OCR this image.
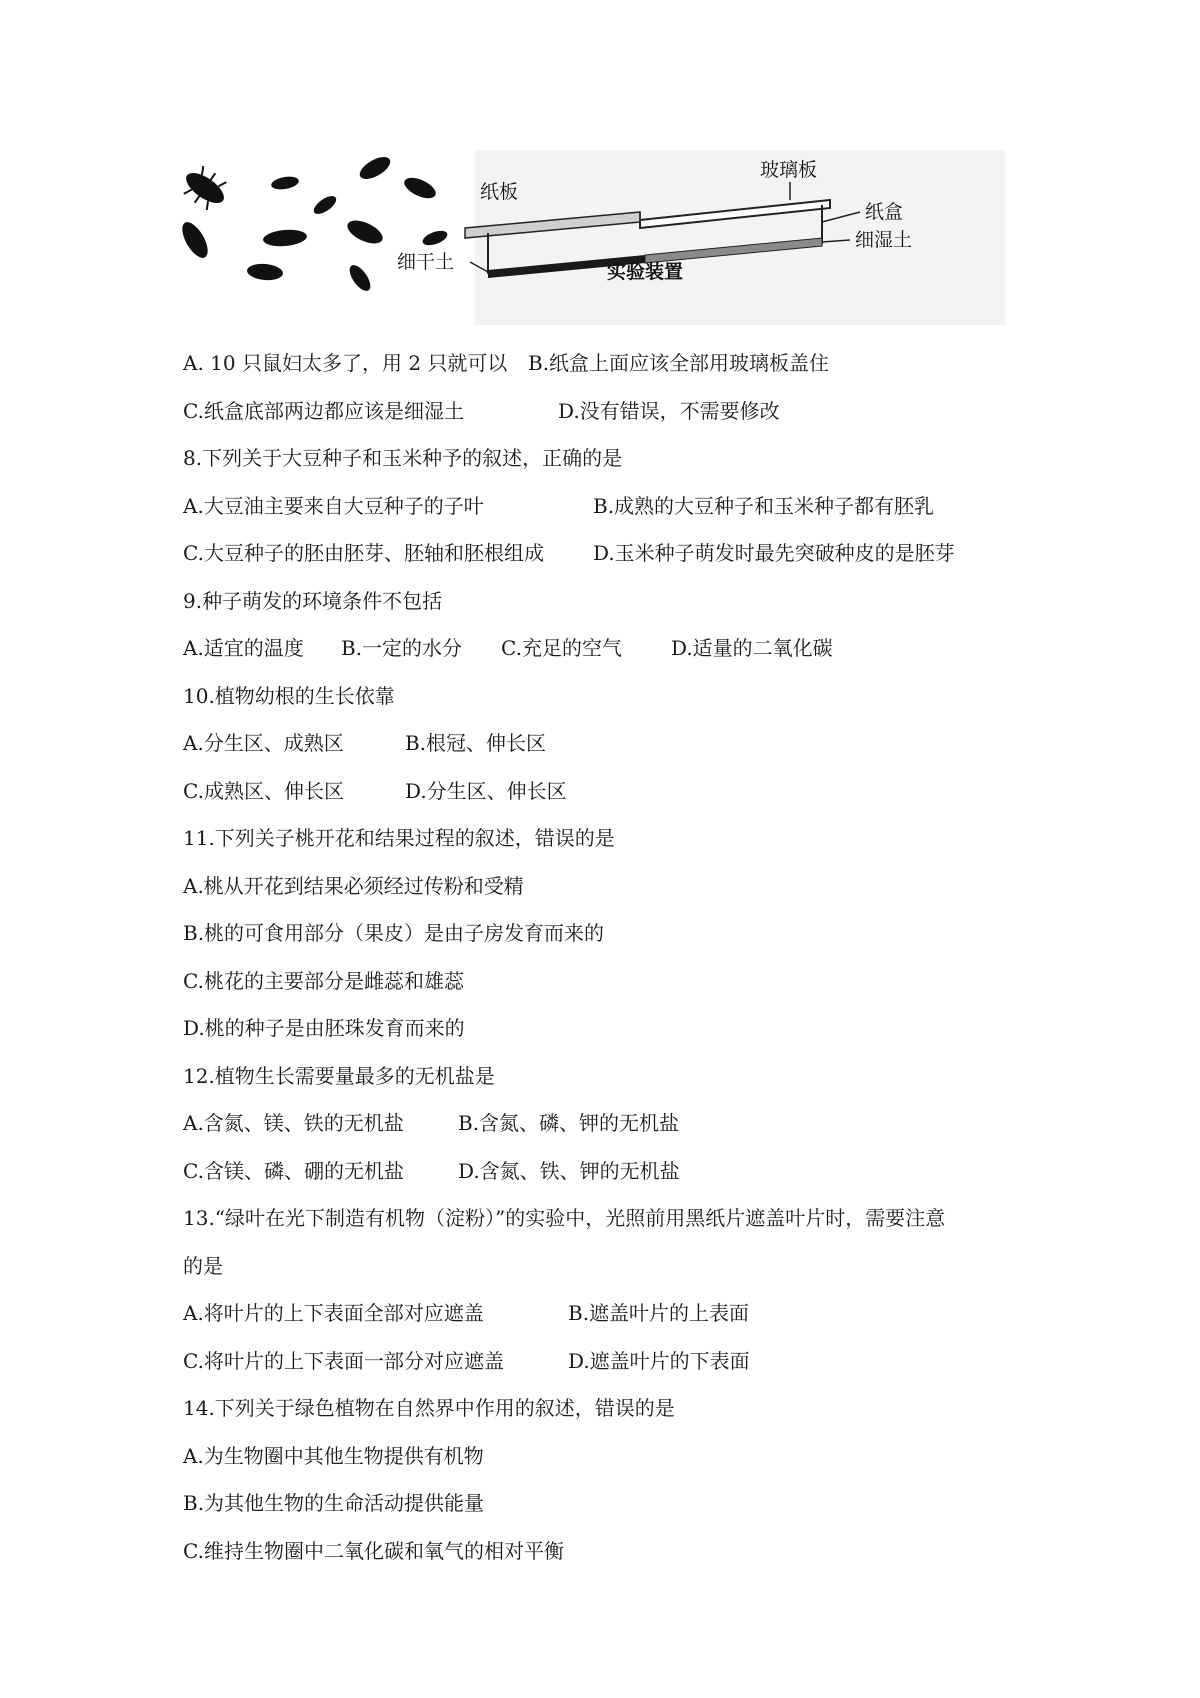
玻璃板
纸板
纸盒
细湿土
细干土	实验装置
A. 10 只鼠妇太多了，用 2 只就可以 B.纸盒上面应该全部用玻璃板盖住
C.纸盒底部两边都应该是细湿土	D.没有错误，不需要修改
8.下列关于大豆种子和玉米种予的叙述，正确的是
A.大豆油主要来自大豆种子的子叶	B.成熟的大豆种子和玉米种子都有胚乳
C.大豆种子的胚由胚芽、胚轴和胚根组成 D.玉米种子萌发时最先突破种皮的是胚芽
9.种子萌发的环境条件不包括
A.适宜的温度 B.一定的水分 C.充足的空气 D.适量的二氧化碳
10.植物幼根的生长依靠
A.分生区、成熟区	B.根冠、伸长区
C.成熟区、伸长区	D.分生区、伸长区
11.下列关子桃开花和结果过程的叙述，错误的是
A.桃从开花到结果必须经过传粉和受精
B.桃的可食用部分（果皮）是由子房发育而来的
C.桃花的主要部分是雌蕊和雄蕊
D.桃的种子是由胚珠发育而来的
12.植物生长需要量最多的无机盐是
A.含氮、镁、铁的无机盐	B.含氮、磷、钾的无机盐
C.含镁、磷、硼的无机盐	D.含氮、铁、钾的无机盐
13.“绿叶在光下制造有机物（淀粉）”的实验中，光照前用黑纸片遮盖叶片时，需要注意
的是
A.将叶片的上下表面全部对应遮盖	B.遮盖叶片的上表面
C.将叶片的上下表面一部分对应遮盖	D.遮盖叶片的下表面
14.下列关于绿色植物在自然界中作用的叙述，错误的是
A.为生物圈中其他生物提供有机物
B.为其他生物的生命活动提供能量
C.维持生物圈中二氧化碳和氧气的相对平衡
